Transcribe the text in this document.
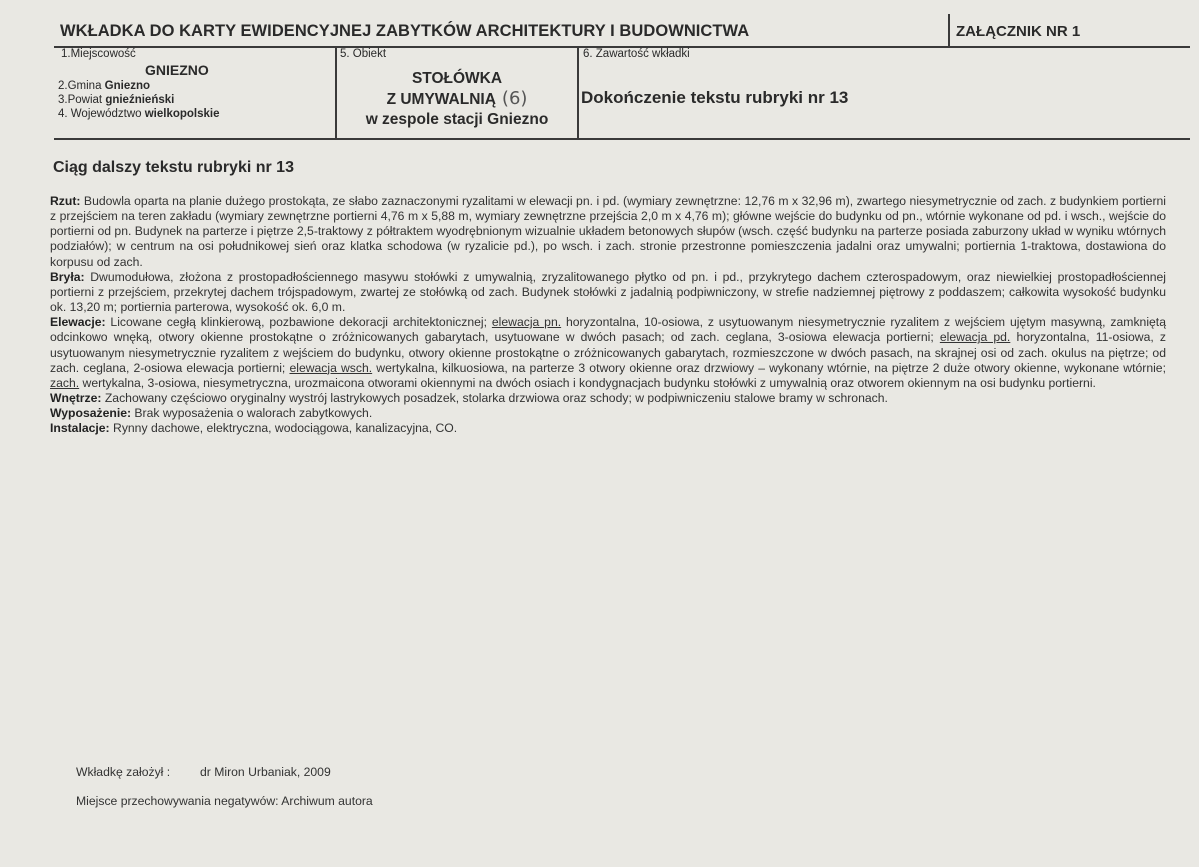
WKŁADKA DO KARTY EWIDENCYJNEJ ZABYTKÓW ARCHITEKTURY I BUDOWNICTWA	ZAŁĄCZNIK NR 1
1.Miejscowość
GNIEZNO
2.Gmina Gniezno
3.Powiat gnieźnieński
4. Województwo wielkopolskie
5. Obiekt
STOŁÓWKA
Z UMYWALNIĄ (6)
w zespole stacji Gniezno
6. Zawartość wkładki
Dokończenie tekstu rubryki nr 13
Ciąg dalszy tekstu rubryki nr 13

Rzut: Budowla oparta na planie dużego prostokąta, ze słabo zaznaczonymi ryzalitami w elewacji pn. i pd. (wymiary zewnętrzne: 12,76 m x 32,96 m), zwartego niesymetrycznie od zach. z budynkiem portierni z przejściem na teren zakładu (wymiary zewnętrzne portierni 4,76 m x 5,88 m, wymiary zewnętrzne przejścia 2,0 m x 4,76 m); główne wejście do budynku od pn., wtórnie wykonane od pd. i wsch., wejście do portierni od pn. Budynek na parterze i piętrze 2,5-traktowy z półtraktem wyodrębnionym wizualnie układem betonowych słupów (wsch. część budynku na parterze posiada zaburzony układ w wyniku wtórnych podziałów); w centrum na osi południkowej sień oraz klatka schodowa (w ryzalicie pd.), po wsch. i zach. stronie przestronne pomieszczenia jadalni oraz umywalni; portiernia 1-traktowa, dostawiona do korpusu od zach.

Bryła: Dwumodułowa, złożona z prostopadłościennego masywu stołówki z umywalnią, zryzalitowanego płytko od pn. i pd., przykrytego dachem czterospadowym, oraz niewielkiej prostopadłościennej portierni z przejściem, przekrytej dachem trójspadowym, zwartej ze stołówką od zach. Budynek stołówki z jadalnią podpiwniczony, w strefie nadziemnej piętrowy z poddaszem; całkowita wysokość budynku ok. 13,20 m; portiernia parterowa, wysokość ok. 6,0 m.

Elewacje: Licowane cegłą klinkierową, pozbawione dekoracji architektonicznej; elewacja pn. horyzontalna, 10-osiowa, z usytuowanym niesymetrycznie ryzalitem z wejściem ujętym masywną, zamkniętą odcinkowo wnęką, otwory okienne prostokątne o zróżnicowanych gabarytach, usytuowane w dwóch pasach; od zach. ceglana, 3-osiowa elewacja portierni; elewacja pd. horyzontalna, 11-osiowa, z usytuowanym niesymetrycznie ryzalitem z wejściem do budynku, otwory okienne prostokątne o zróżnicowanych gabarytach, rozmieszczone w dwóch pasach, na skrajnej osi od zach. okulus na piętrze; od zach. ceglana, 2-osiowa elewacja portierni; elewacja wsch. wertykalna, kilkuosiowa, na parterze 3 otwory okienne oraz drzwiowy – wykonany wtórnie, na piętrze 2 duże otwory okienne, wykonane wtórnie; zach. wertykalna, 3-osiowa, niesymetryczna, urozmaicona otworami okiennymi na dwóch osiach i kondygnacjach budynku stołówki z umywalnią oraz otworem okiennym na osi budynku portierni.

Wnętrze: Zachowany częściowo oryginalny wystrój lastrykowych posadzek, stolarka drzwiowa oraz schody; w podpiwniczeniu stalowe bramy w schronach.

Wyposażenie: Brak wyposażenia o walorach zabytkowych.

Instalacje: Rynny dachowe, elektryczna, wodociągowa, kanalizacyjna, CO.

Wkładkę założył : dr Miron Urbaniak, 2009
Miejsce przechowywania negatywów: Archiwum autora
